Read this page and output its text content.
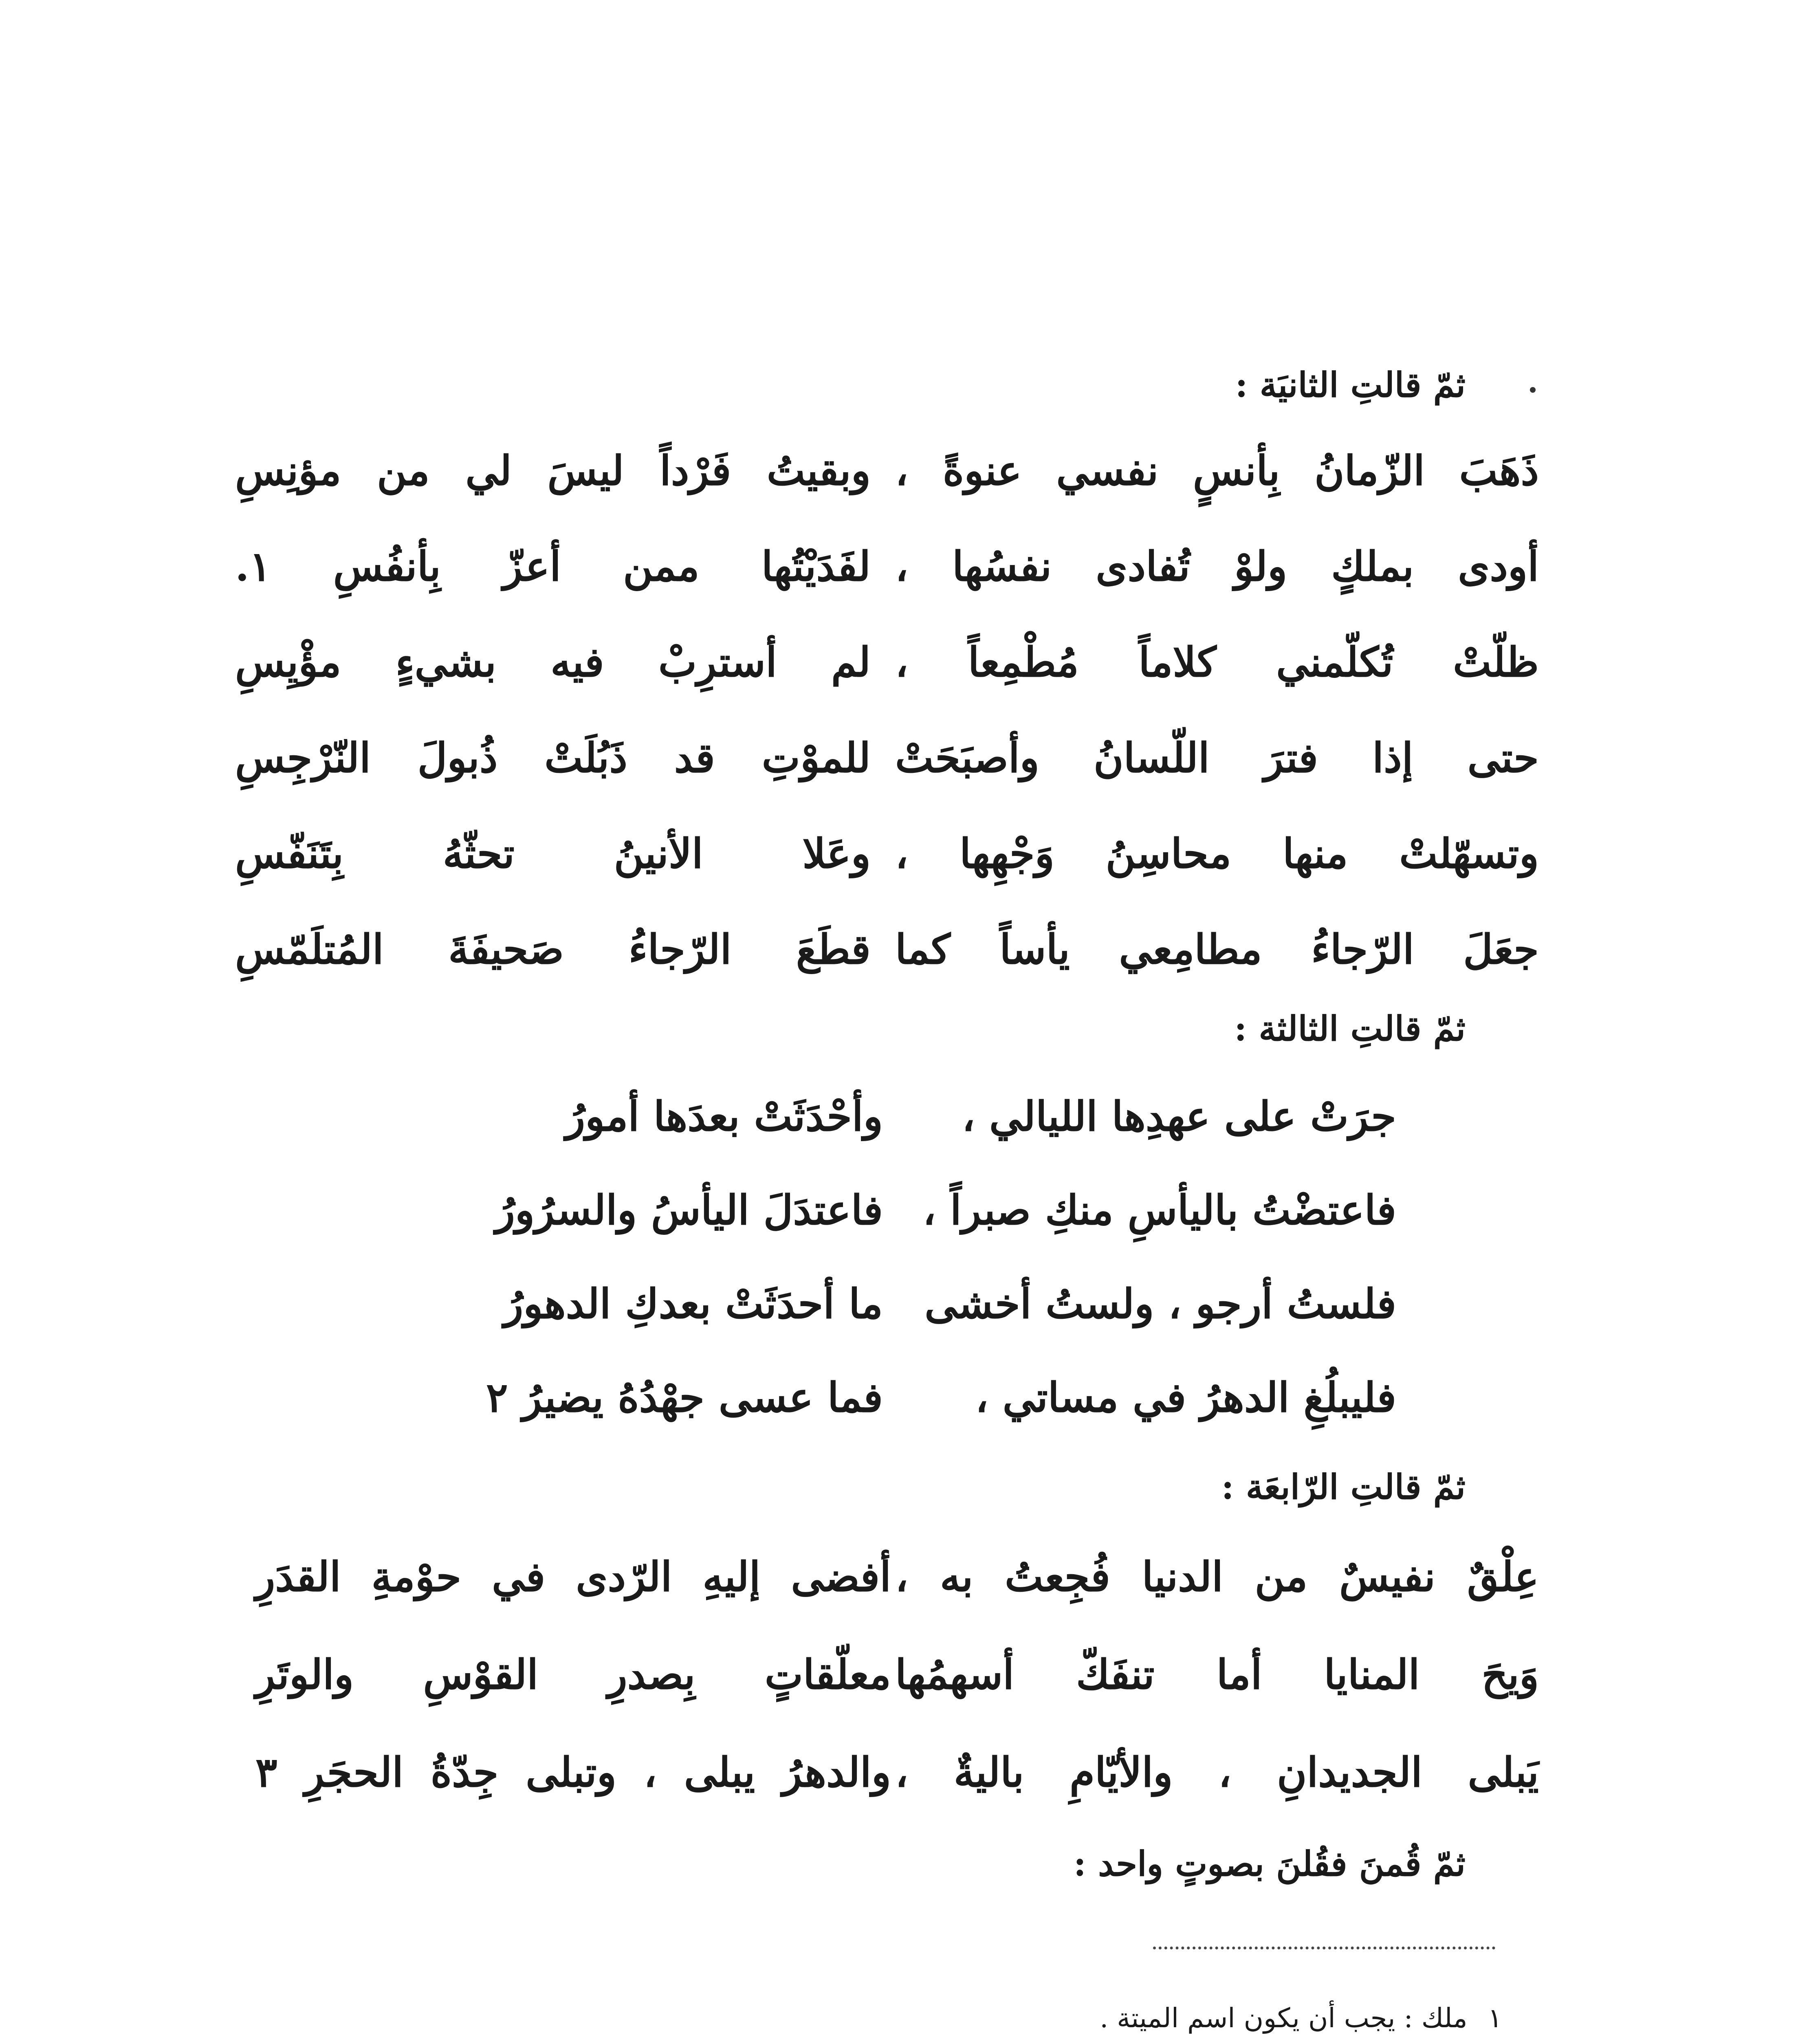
ثمّ قالتِ الثانيَة :
ذَهَبَ الزّمانُ بِأنسٍ نفسي عنوةً ،
وبقيتُ فَرْداً ليسَ لي من مؤنِسِ
أودى بملكٍ ولوْ تُفادى نفسُها ،
لفَدَيْتُها ممن أعزّ بِأنفُسِ ١.
ظلّتْ تُكلّمني كلاماً مُطْمِعاً ،
لم أسترِبْ فيه بشيءٍ مؤْيِسِ
حتى إذا فترَ اللّسانُ وأصبَحَتْ
للموْتِ قد ذَبُلَتْ ذُبولَ النّرْجِسِ
وتسهّلتْ منها محاسِنُ وَجْهِها ،
وعَلا الأنينُ تحثّهُ بِتَنَفّسِ
جعَلَ الرّجاءُ مطامِعي يأساً كما
قطَعَ الرّجاءُ صَحيفَةَ المُتلَمّسِ
ثمّ قالتِ الثالثة :
جرَتْ على عهدِها الليالي ،
وأحْدَثَتْ بعدَها أمورُ
فاعتضْتُ باليأسِ منكِ صبراً ،
فاعتدَلَ اليأسُ والسرُورُ
فلستُ أرجو ، ولستُ أخشى
ما أحدَثَتْ بعدكِ الدهورُ
فليبلُغِ الدهرُ في مساتي ،
فما عسى جهْدُهُ يضيرُ ٢
ثمّ قالتِ الرّابعَة :
عِلْقٌ نفيسٌ من الدنيا فُجِعتُ به ،
أفضى إليهِ الرّدى في حوْمةِ القدَرِ
وَيحَ المنايا أما تنفَكّ أسهمُها
معلّقاتٍ بِصدرِ القوْسِ والوتَرِ
يَبلى الجديدانِ ، والأيّامِ باليةٌ ،
والدهرُ يبلى ، وتبلى جِدّةُ الحجَرِ ٣
ثمّ قُمنَ فقُلنَ بصوتٍ واحد :
١ملك : يجب أن يكون اسم الميتة .
